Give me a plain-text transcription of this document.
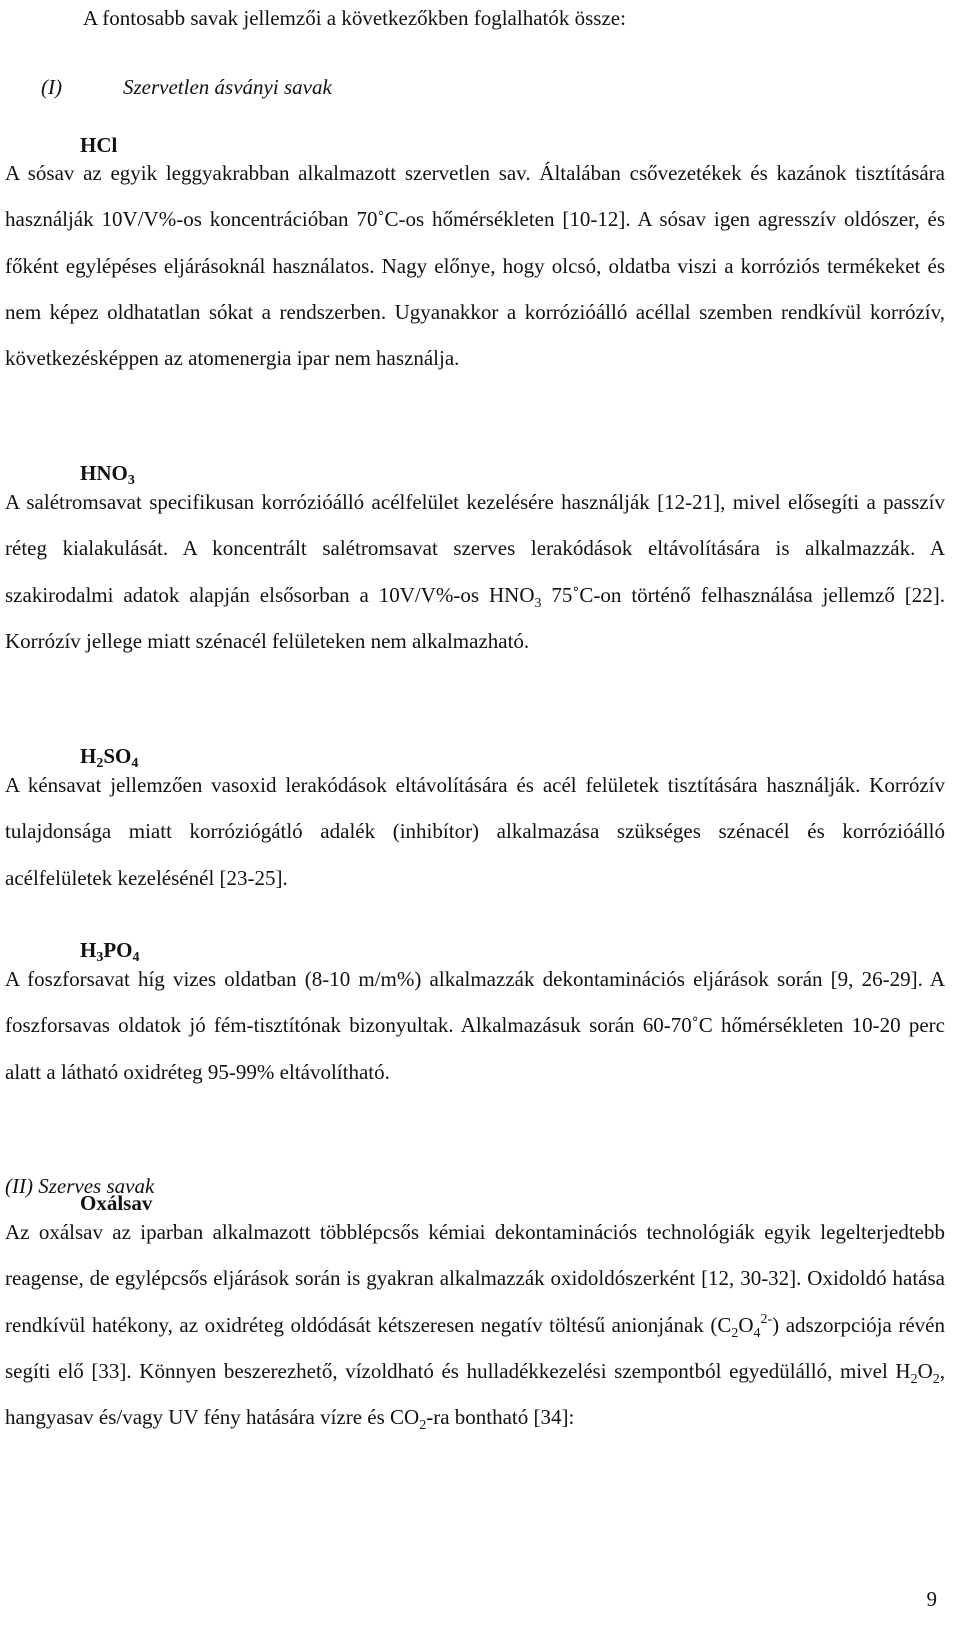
A fontosabb savak jellemzői a következőkben foglalhatók össze:
(I)	Szervetlen ásványi savak
HCl

A sósav az egyik leggyakrabban alkalmazott szervetlen sav. Általában csővezetékek és kazánok tisztítására használják 10V/V%-os koncentrációban 70˚C-os hőmérsékleten [10-12]. A sósav igen agresszív oldószer, és főként egylépéses eljárásoknál használatos. Nagy előnye, hogy olcsó, oldatba viszi a korróziós termékeket és nem képez oldhatatlan sókat a rendszerben. Ugyanakkor a korrózióálló acéllal szemben rendkívül korrózív, következésképpen az atomenergia ipar nem használja.

$HNO_3$

A salétromsavat specifikusan korrózióálló acélfelület kezelésére használják [12-21], mivel elősegíti a passzív réteg kialakulását. A koncentrált salétromsavat szerves lerakódások eltávolítására is alkalmazzák. A szakirodalmi adatok alapján elsősorban a 10V/V%-os $HNO_3$ 75˚C-on történő felhasználása jellemző [22]. Korrózív jellege miatt szénacél felületeken nem alkalmazható.

$H_2SO_4$

A kénsavat jellemzően vasoxid lerakódások eltávolítására és acél felületek tisztítására használják. Korrózív tulajdonsága miatt korróziógátló adalék (inhibítor) alkalmazása szükséges szénacél és korrózióálló acélfelületek kezelésénél [23-25].

$H_3PO_4$

A foszforsavat híg vizes oldatban (8-10 m/m%) alkalmazzák dekontaminációs eljárások során [9, 26-29]. A foszforsavas oldatok jó fém-tisztítónak bizonyultak. Alkalmazásuk során 60-70˚C hőmérsékleten 10-20 perc alatt a látható oxidréteg 95-99% eltávolítható.

(II) Szerves savak
Oxálsav

Az oxálsav az iparban alkalmazott többlépcsős kémiai dekontaminációs technológiák egyik legelterjedtebb reagense, de egylépcsős eljárások során is gyakran alkalmazzák oxidoldószerként [12, 30-32]. Oxidoldó hatása rendkívül hatékony, az oxidréteg oldódását kétszeresen negatív töltésű anionjának $(C_2O_4^{2-})$ adszorpciója révén segíti elő [33]. Könnyen beszerezhető, vízoldható és hulladékkezelési szempontból egyedülálló, mivel $H_2O_2$, hangyasav és/vagy UV fény hatására vízre és $CO_2-ra$ bontható [34]:

9
